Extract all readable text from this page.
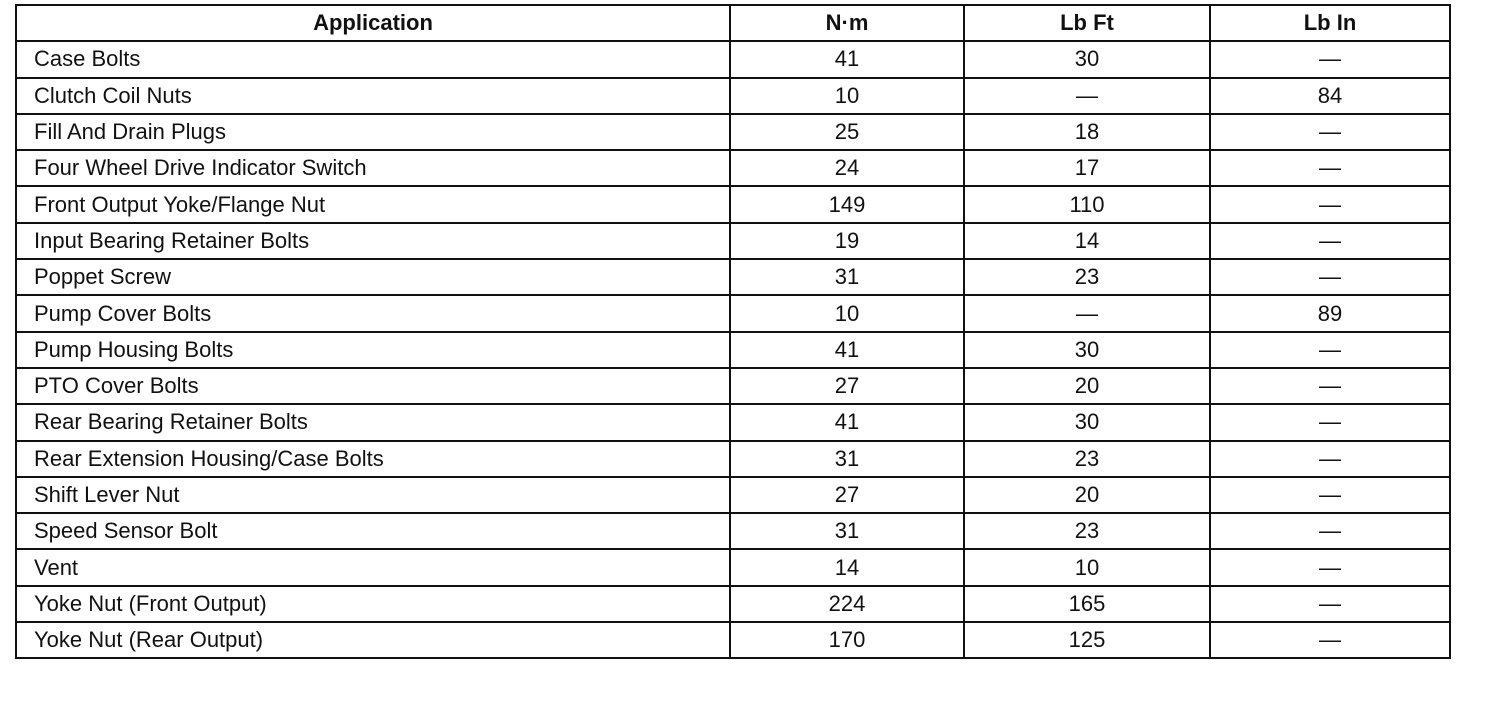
Application	N·m	Lb Ft	Lb In
Case Bolts	41	30	—
Clutch Coil Nuts	10	—	84
Fill And Drain Plugs	25	18	—
Four Wheel Drive Indicator Switch	24	17	—
Front Output Yoke/Flange Nut	149	110	—
Input Bearing Retainer Bolts	19	14	—
Poppet Screw	31	23	—
Pump Cover Bolts	10	—	89
Pump Housing Bolts	41	30	—
PTO Cover Bolts	27	20	—
Rear Bearing Retainer Bolts	41	30	—
Rear Extension Housing/Case Bolts	31	23	—
Shift Lever Nut	27	20	—
Speed Sensor Bolt	31	23	—
Vent	14	10	—
Yoke Nut (Front Output)	224	165	—
Yoke Nut (Rear Output)	170	125	—
